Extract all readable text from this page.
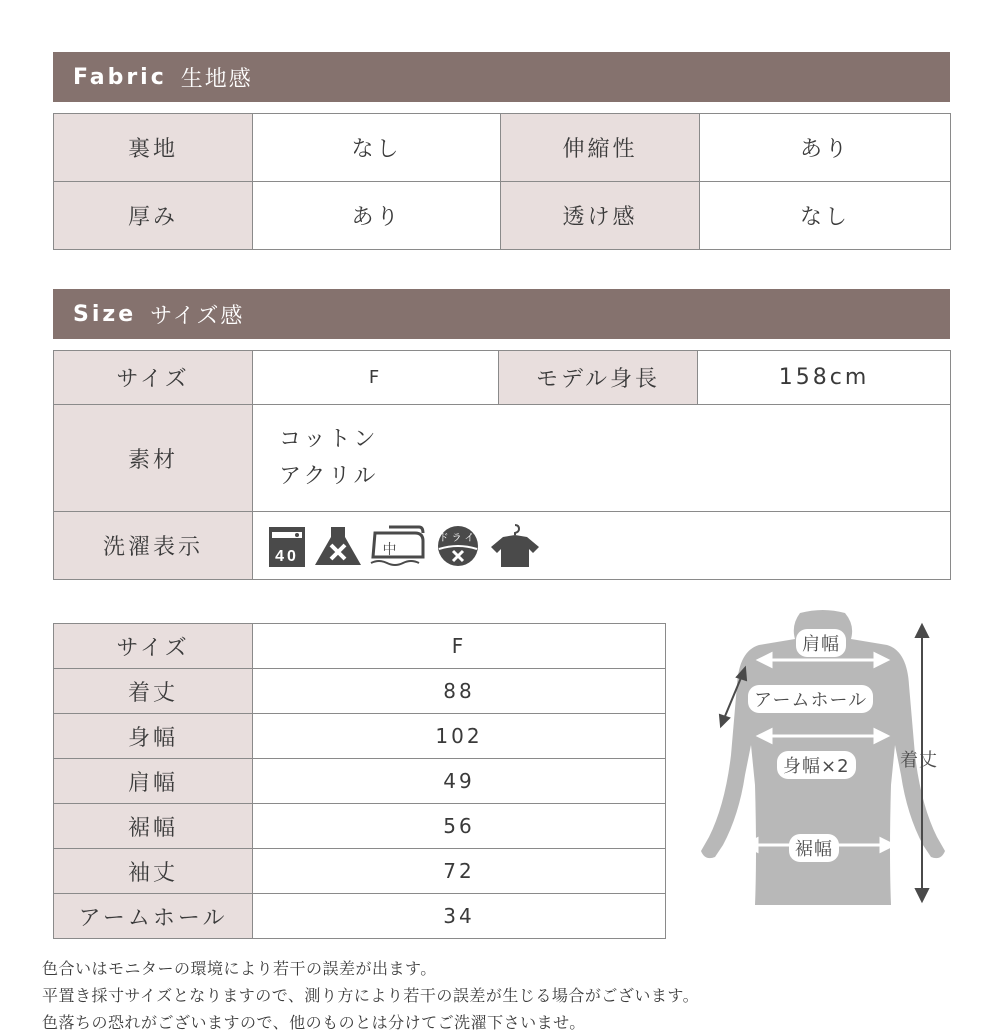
Fabric 生地感
裏地	なし	伸縮性	あり
厚み	あり	透け感	なし
Size サイズ感
サイズ	F	モデル身長	158cm
素材	コットン
アクリル		

洗濯表示	40 中
ドライ		
サイズ	F
着丈	88
身幅	102
肩幅	49
裾幅	56
袖丈	72
アームホール	34
肩幅
アームホール
身幅×2	着丈
裾幅
色合いはモニターの環境により若干の誤差が出ます。
平置き採寸サイズとなりますので、測り方により若干の誤差が生じる場合がございます。
色落ちの恐れがございますので、他のものとは分けてご洗濯下さいませ。
